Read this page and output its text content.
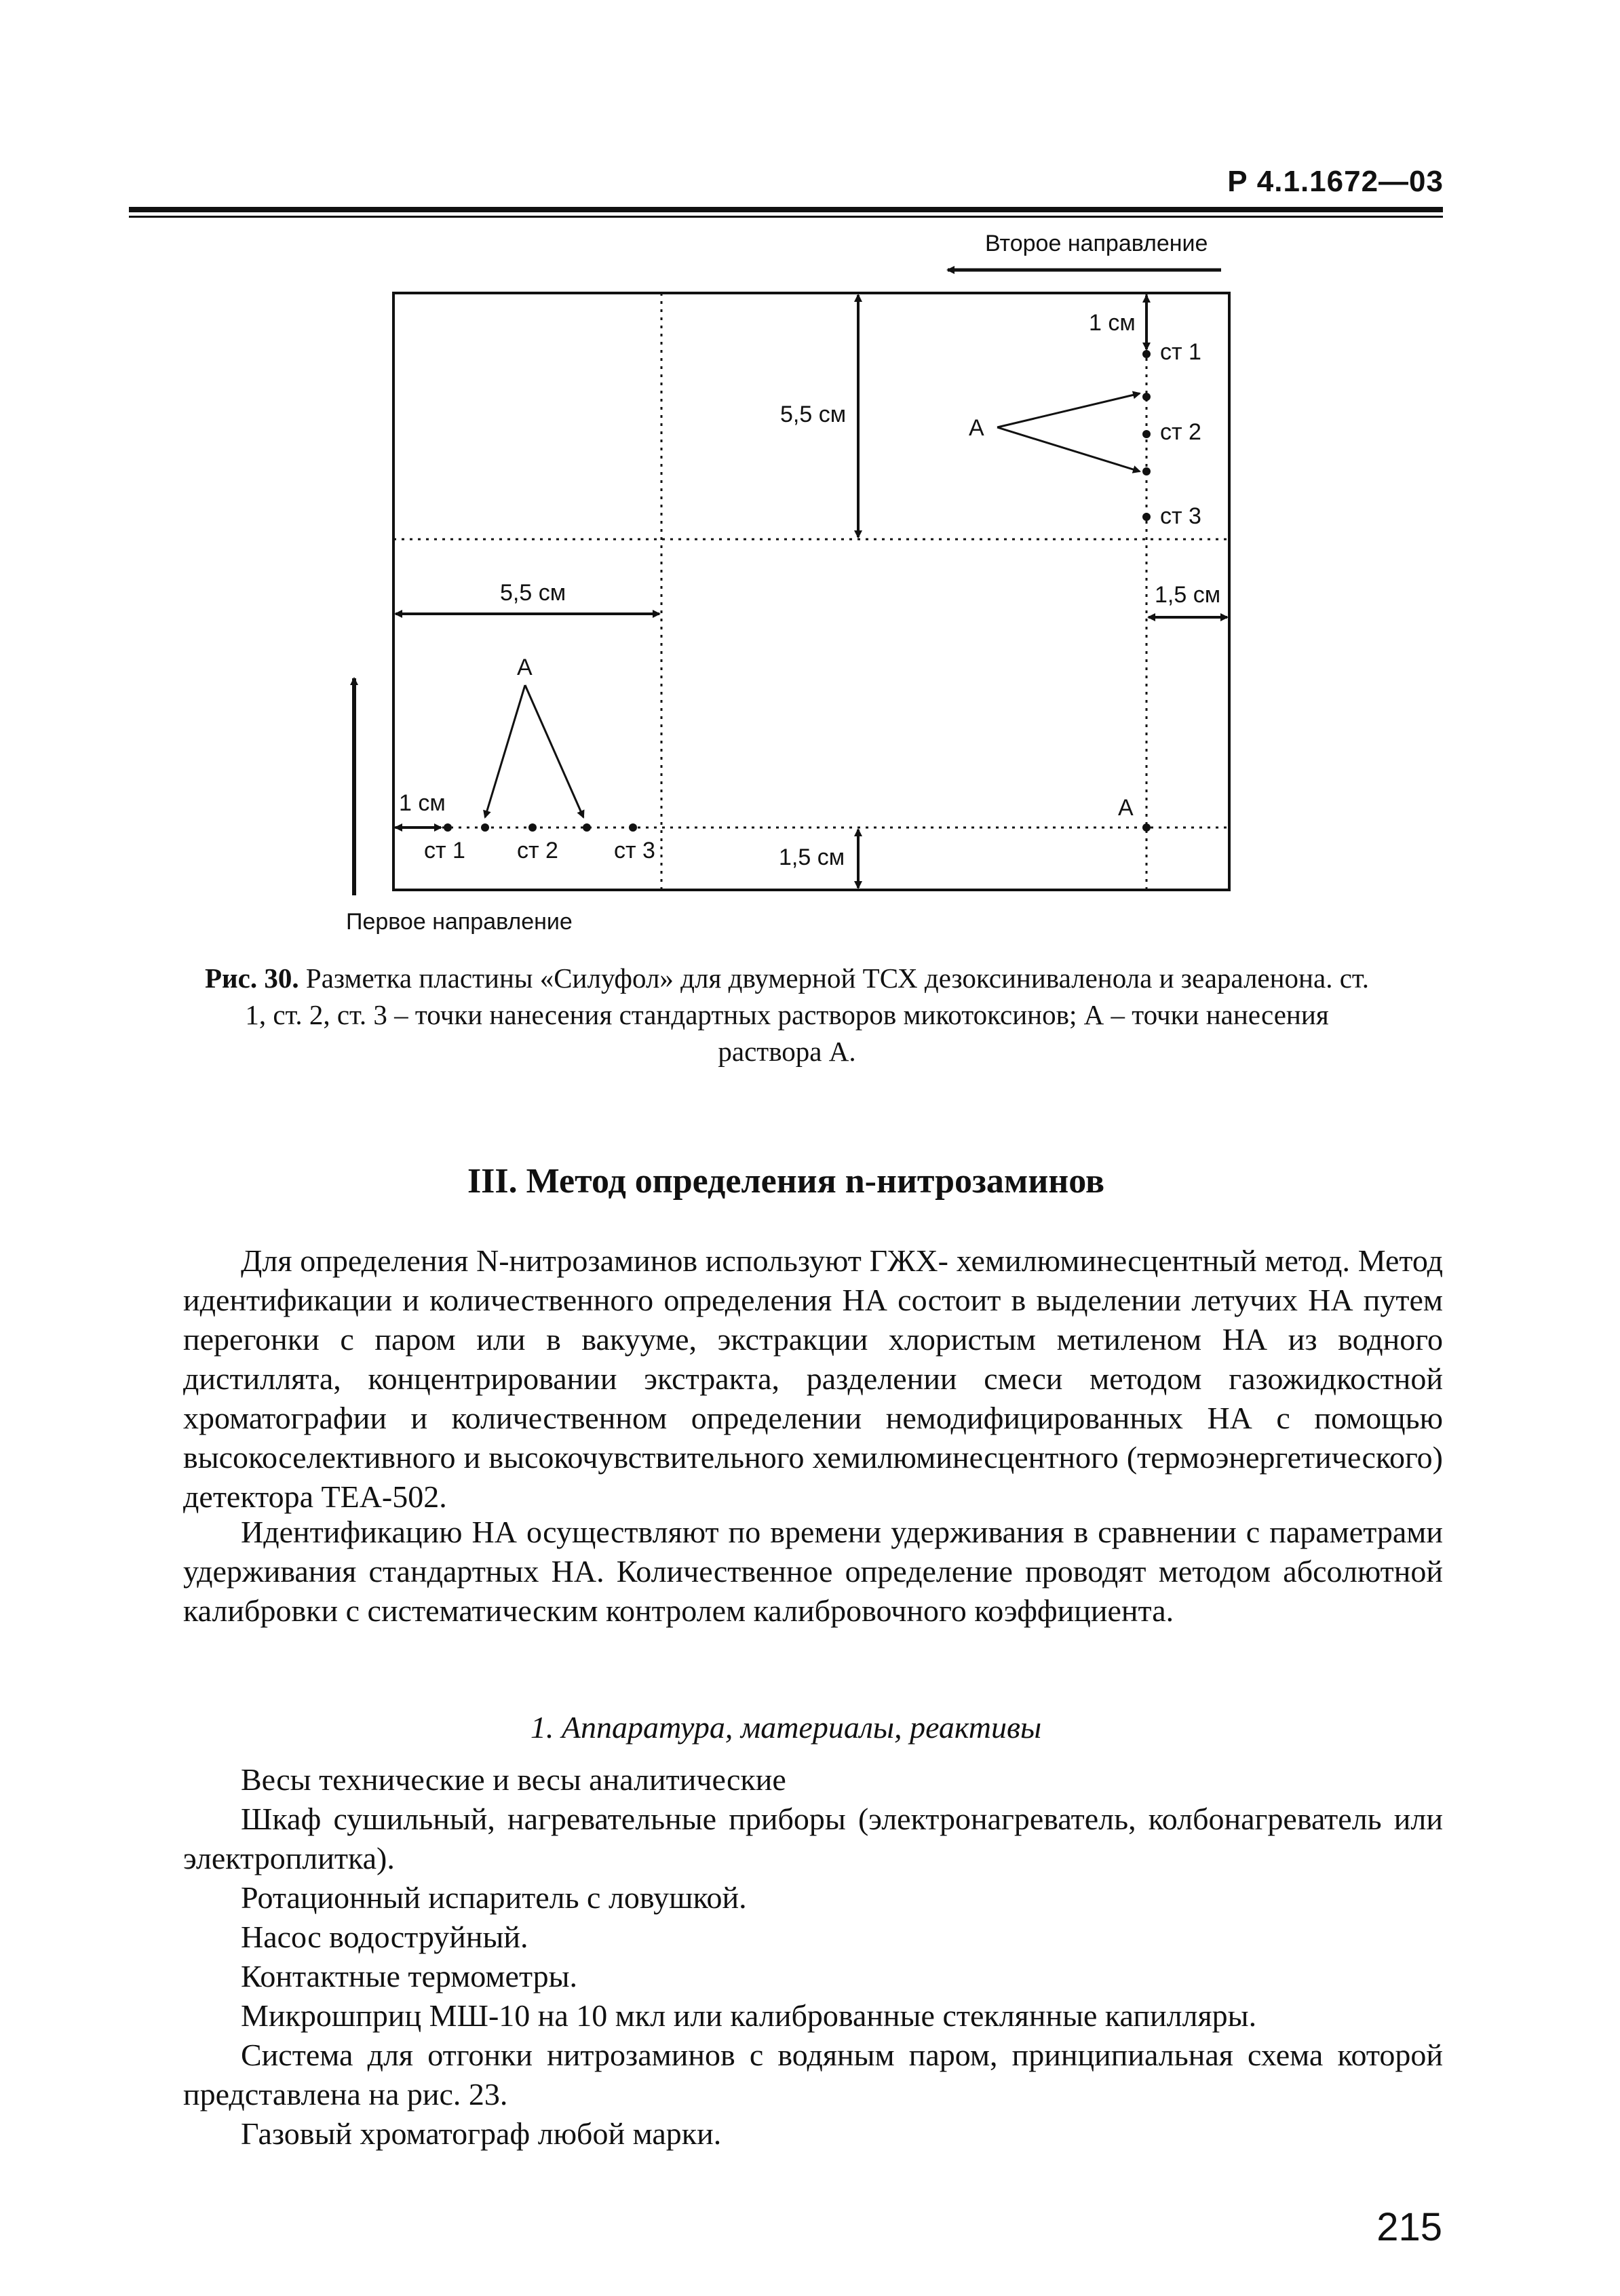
Р 4.1.1672—03
Второе направление
5,5 см
1 см
ст 1
ст 2
ст 3
А
5,5 см	1,5 см
А
1 см
ст 1 ст 2 ст 3	1,5 см
А
Первое направление
Рис. 30. Разметка пластины «Силуфол» для двумерной ТСХ дезоксиниваленола и зеараленона. ст. 1, ст. 2, ст. 3 – точки нанесения стандартных растворов микотоксинов; А – точки нанесения раствора А.
III. Метод определения n-нитрозаминов

Для определения N-нитрозаминов используют ГЖХ- хемилюминесцентный метод. Метод идентификации и количественного определения НА состоит в выделении летучих НА путем перегонки с паром или в вакууме, экстракции хлористым метиленом НА из водного дистиллята, концентрировании экстракта, разделении смеси методом газожидкостной хроматографии и количественном определении немодифицированных НА с помощью высокоселективного и высокочувствительного хемилюминесцентного (термоэнергетического) детектора ТЕА-502.

Идентификацию НА осуществляют по времени удерживания в сравнении с параметрами удерживания стандартных НА. Количественное определение проводят методом абсолютной калибровки с систематическим контролем калибровочного коэффициента.

1. Аппаратура, материалы, реактивы

Весы технические и весы аналитические

Шкаф сушильный, нагревательные приборы (электронагреватель, колбонагреватель или электроплитка).

Ротационный испаритель с ловушкой.

Насос водоструйный.

Контактные термометры.

Микрошприц МШ-10 на 10 мкл или калиброванные стеклянные капилляры.

Система для отгонки нитрозаминов с водяным паром, принципиальная схема которой представлена на рис. 23.

Газовый хроматограф любой марки.

215
